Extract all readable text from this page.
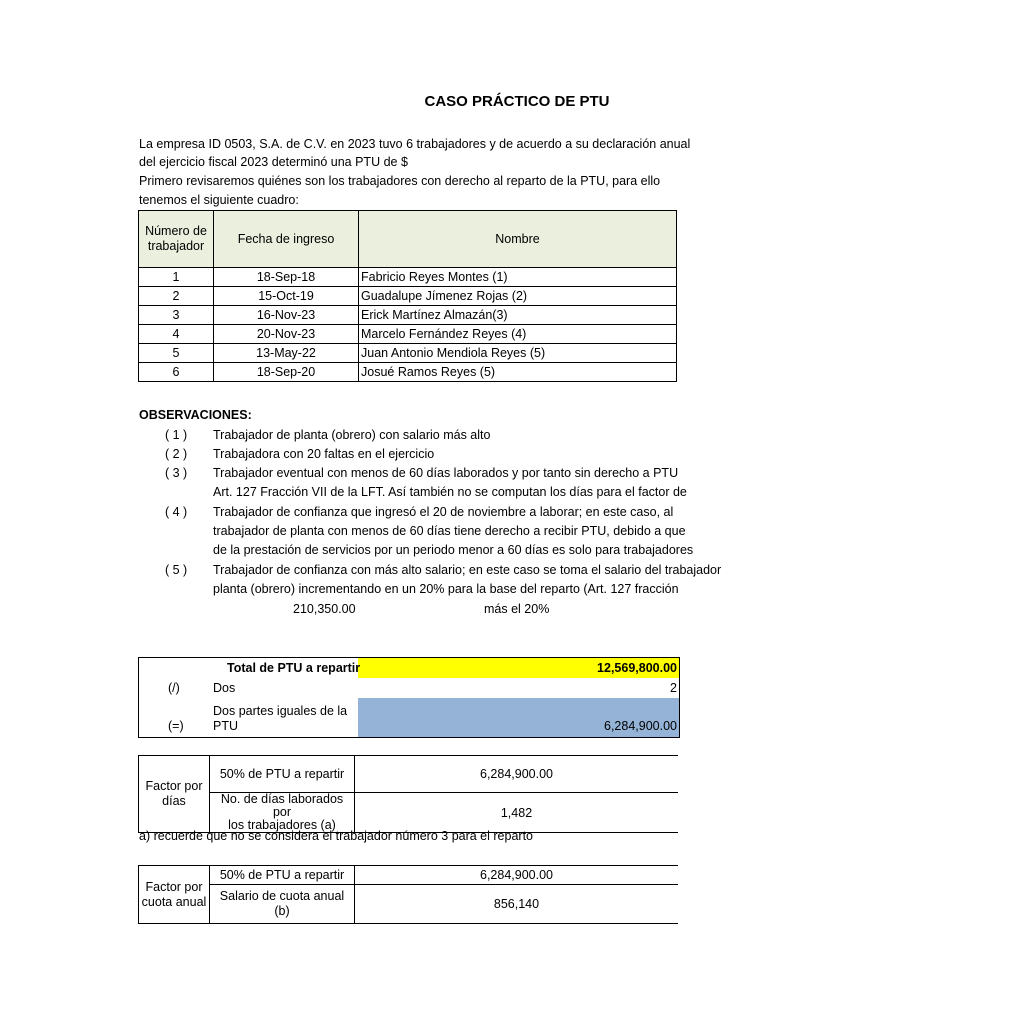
CASO PRÁCTICO DE PTU
La empresa ID 0503, S.A. de C.V. en 2023 tuvo 6 trabajadores y de acuerdo a su declaración anual
del ejercicio fiscal 2023 determinó una PTU de $
Primero revisaremos quiénes son los trabajadores con derecho al reparto de la PTU, para ello
tenemos el siguiente cuadro:
Número de trabajador	Fecha de ingreso	Nombre
1	18-Sep-18	Fabricio Reyes Montes (1)
2	15-Oct-19	Guadalupe Jímenez Rojas (2)
3	16-Nov-23	Erick Martínez Almazán(3)
4	20-Nov-23	Marcelo Fernández Reyes (4)
5	13-May-22	Juan Antonio Mendiola Reyes (5)
6	18-Sep-20	Josué Ramos Reyes (5)
OBSERVACIONES:
( 1 ) Trabajador de planta (obrero) con salario más alto
( 2 ) Trabajadora con 20 faltas en el ejercicio
( 3 ) Trabajador eventual con menos de 60 días laborados y por tanto sin derecho a PTU
Art. 127 Fracción VII de la LFT. Así también no se computan los días para el factor de
( 4 ) Trabajador de confianza que ingresó el 20 de noviembre a laborar; en este caso, al
trabajador de planta con menos de 60 días tiene derecho a recibir PTU, debido a que
de la prestación de servicios por un periodo menor a 60 días es solo para trabajadores
( 5 ) Trabajador de confianza con más alto salario; en este caso se toma el salario del trabajador
planta (obrero) incrementando en un 20% para la base del reparto (Art. 127 fracción
210,350.00	más el 20%
Total de PTU a repartir	12,569,800.00
(/)	Dos	2
Dos partes iguales de la
PTU
(=)	6,284,900.00
Factor por
días	50% de PTU a repartir	6,284,900.00
	No. de días laborados por
los trabajadores (a)	1,482
a) recuerde que no se considera el trabajador número 3 para el reparto
Factor por
cuota anual	50% de PTU a repartir	6,284,900.00
	Salario de cuota anual
(b)	856,140
